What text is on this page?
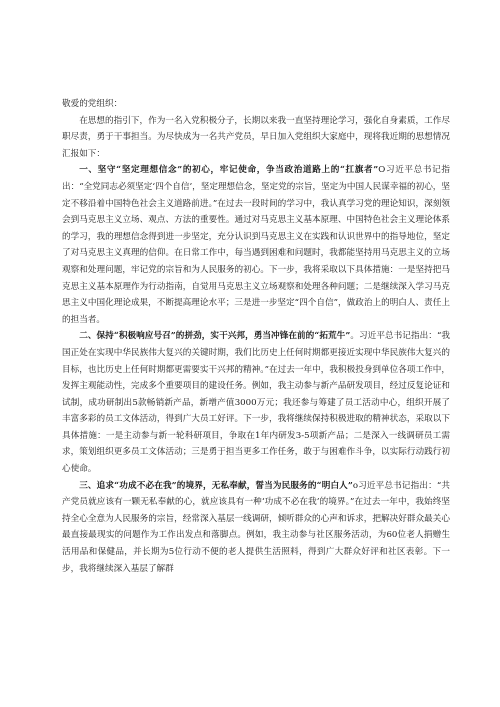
敬爱的党组织：

在思想的指引下，作为一名入党积极分子，长期以来我一直坚持理论学习，强化自身素质，工作尽职尽责，勇于干事担当。为尽快成为一名共产党员，早日加入党组织大家庭中，现将我近期的思想情况汇报如下：

一、坚守“坚定理想信念”的初心，牢记使命，争当政治道路上的“扛旗者”O习近平总书记指出：“全党同志必须坚定‘四个自信’，坚定理想信念，坚定党的宗旨，坚定为中国人民谋幸福的初心，坚定不移沿着中国特色社会主义道路前进。”在过去一段时间的学习中，我认真学习党的理论知识，深刻领会到马克思主义立场、观点、方法的重要性。通过对马克思主义基本原理、中国特色社会主义理论体系的学习，我的理想信念得到进一步坚定，充分认识到马克思主义在实践和认识世界中的指导地位，坚定了对马克思主义真理的信仰。在日常工作中，每当遇到困难和问题时，我都能坚持用马克思主义的立场观察和处理问题，牢记党的宗旨和为人民服务的初心。下一步，我将采取以下具体措施：一是坚持把马克思主义基本原理作为行动指南，自觉用马克思主义立场观察和处理各种问题；二是继续深入学习马克思主义中国化理论成果，不断提高理论水平；三是进一步坚定“四个自信”，做政治上的明白人、责任上的担当者。

二、保持“积极响应号召”的拼劲，实干兴邦，勇当冲锋在前的“拓荒牛”。习近平总书记指出：“我国正处在实现中华民族伟大复兴的关键时期，我们比历史上任何时期都更接近实现中华民族伟大复兴的目标，也比历史上任何时期都更需要实干兴邦的精神。”在过去一年中，我积极投身到单位各项工作中，发挥主观能动性，完成多个重要项目的建设任务。例如，我主动参与新产品研发项目，经过反复论证和试制，成功研制出5款畅销新产品，新增产值3000万元；我还参与筹建了员工活动中心，组织开展了丰富多彩的员工文体活动，得到广大员工好评。下一步，我将继续保持积极进取的精神状态，采取以下具体措施：一是主动参与新一轮科研项目，争取在1年内研发3-5项新产品；二是深入一线调研员工需求，策划组织更多员工文体活动；三是勇于担当更多工作任务，敢于与困难作斗争，以实际行动践行初心使命。

三、追求“功成不必在我”的境界，无私奉献，誓当为民服务的“明白人”o习近平总书记指出：“共产党员就应该有一颗无私奉献的心，就应该具有一种‘功成不必在我’的境界。”在过去一年中，我始终坚持全心全意为人民服务的宗旨，经常深入基层一线调研，倾听群众的心声和诉求，把解决好群众最关心最直接最现实的问题作为工作出发点和落脚点。例如，我主动参与社区服务活动，为60位老人捐赠生活用品和保健品，并长期为5位行动不便的老人提供生活照料，得到广大群众好评和社区表彰。下一步，我将继续深入基层了解群
